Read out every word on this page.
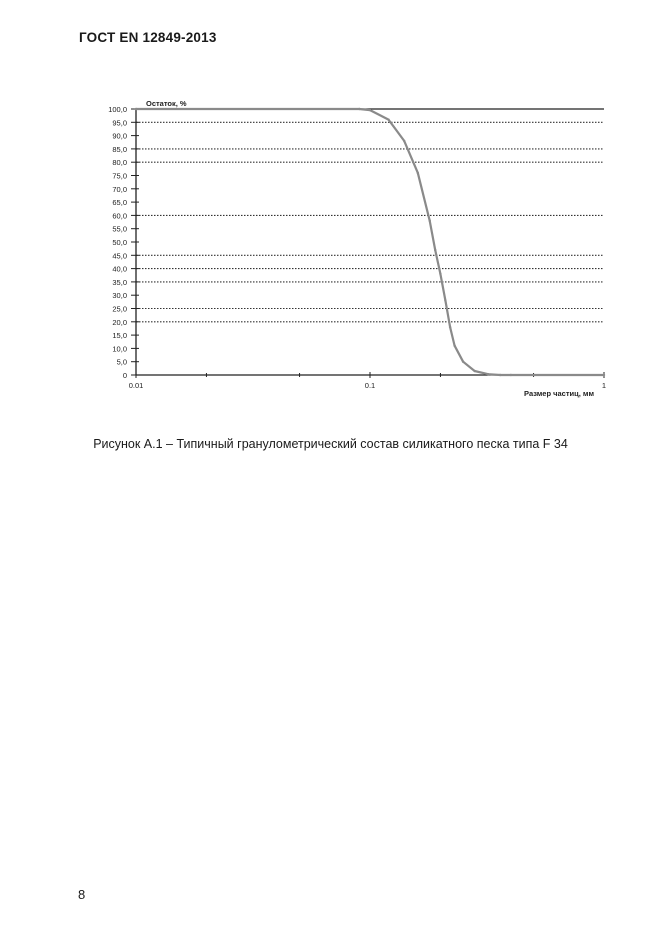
ГОСТ EN 12849-2013
0
5,0
10,0
15,0
20,0
25,0
30,0
35,0
40,0
45,0
50,0
55,0
60,0
65,0
70,0
75,0
80,0
85,0
90,0
95,0
100,0
0.01	0.1	1
Остаток, %
Размер частиц, мм
Рисунок А.1 – Типичный гранулометрический состав силикатного песка типа F 34
8
